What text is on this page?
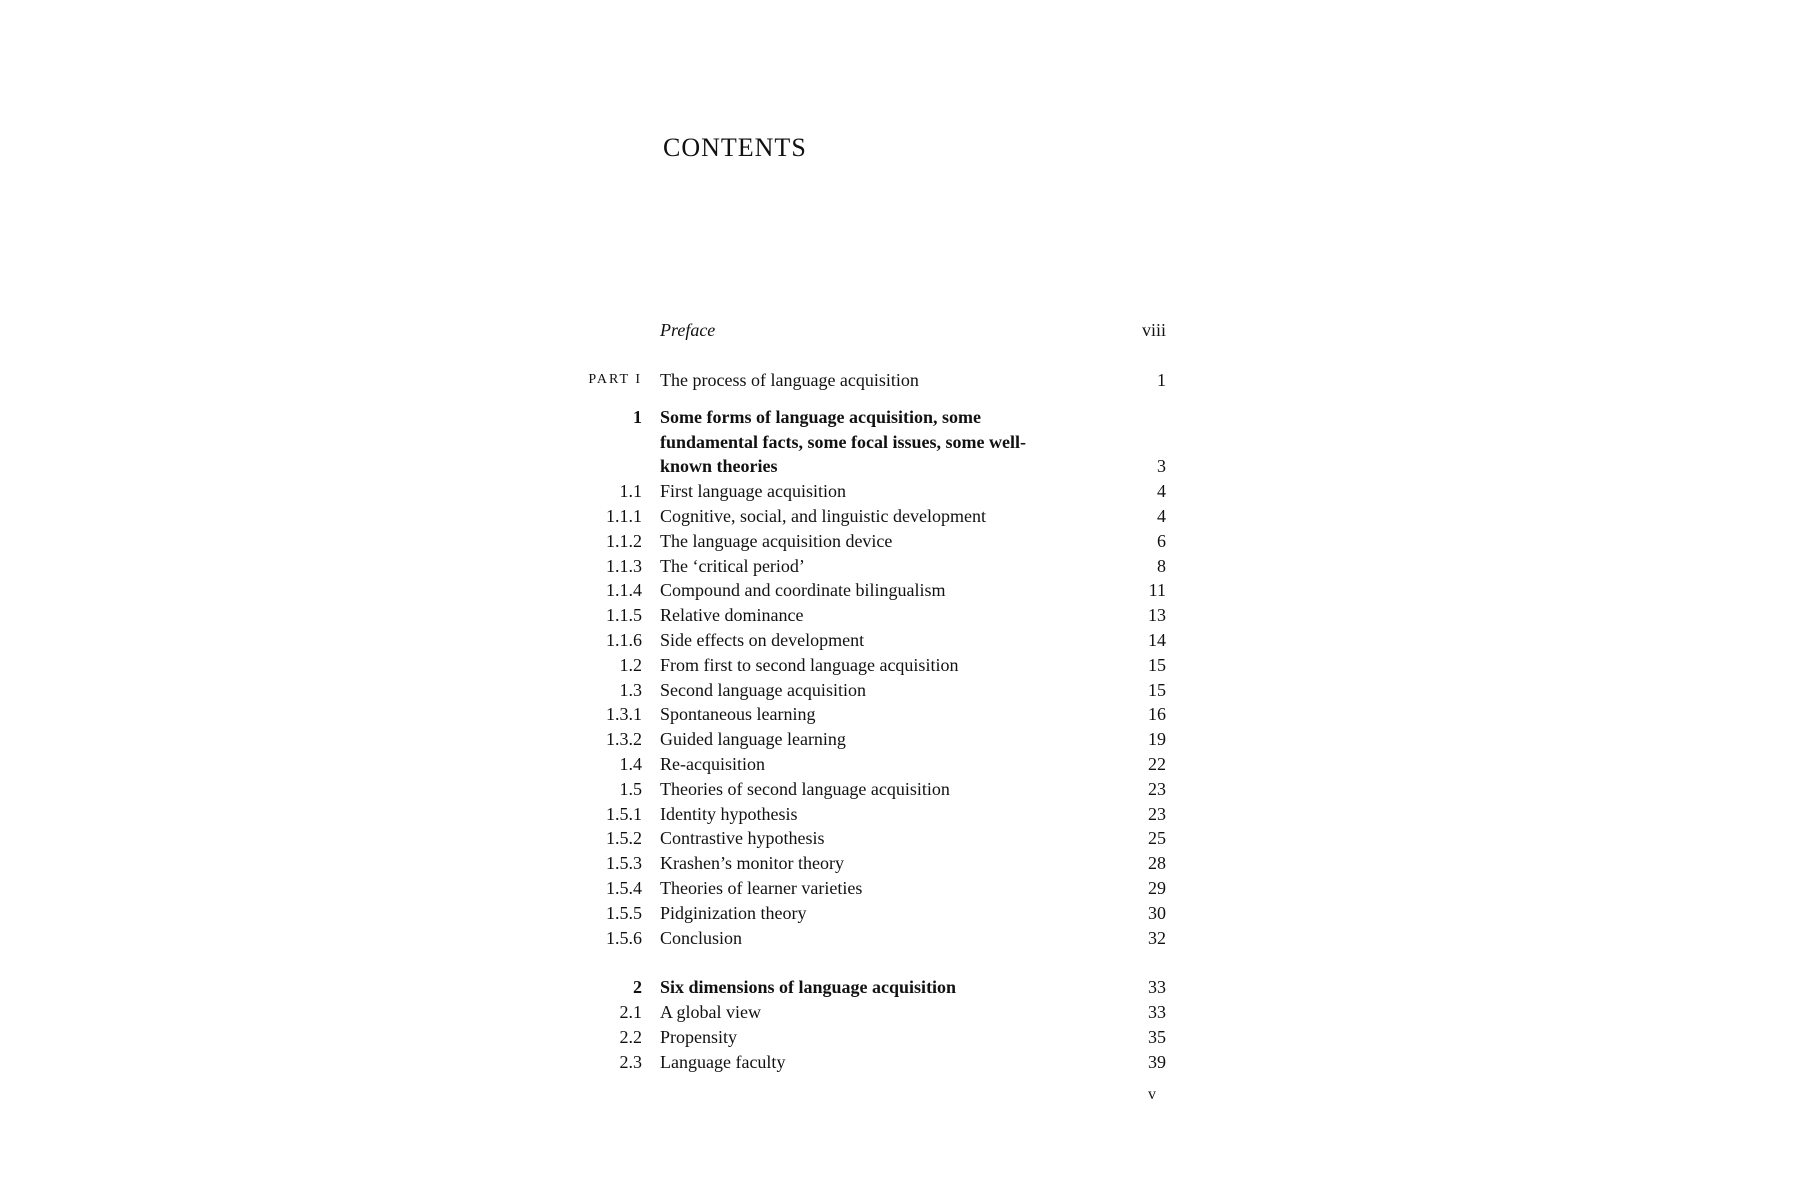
CONTENTS
Preface	viii
PART I The process of language acquisition	1
1 Some forms of language acquisition, some fundamental facts, some focal issues, some well-known theories	3
1.1 First language acquisition	4
1.1.1 Cognitive, social, and linguistic development	4
1.1.2 The language acquisition device	6
1.1.3 The ‘critical period’	8
1.1.4 Compound and coordinate bilingualism	11
1.1.5 Relative dominance	13
1.1.6 Side effects on development	14
1.2 From first to second language acquisition	15
1.3 Second language acquisition	15
1.3.1 Spontaneous learning	16
1.3.2 Guided language learning	19
1.4 Re-acquisition	22
1.5 Theories of second language acquisition	23
1.5.1 Identity hypothesis	23
1.5.2 Contrastive hypothesis	25
1.5.3 Krashen’s monitor theory	28
1.5.4 Theories of learner varieties	29
1.5.5 Pidginization theory	30
1.5.6 Conclusion	32
2 Six dimensions of language acquisition	33
2.1 A global view	33
2.2 Propensity	35
2.3 Language faculty	39
v
